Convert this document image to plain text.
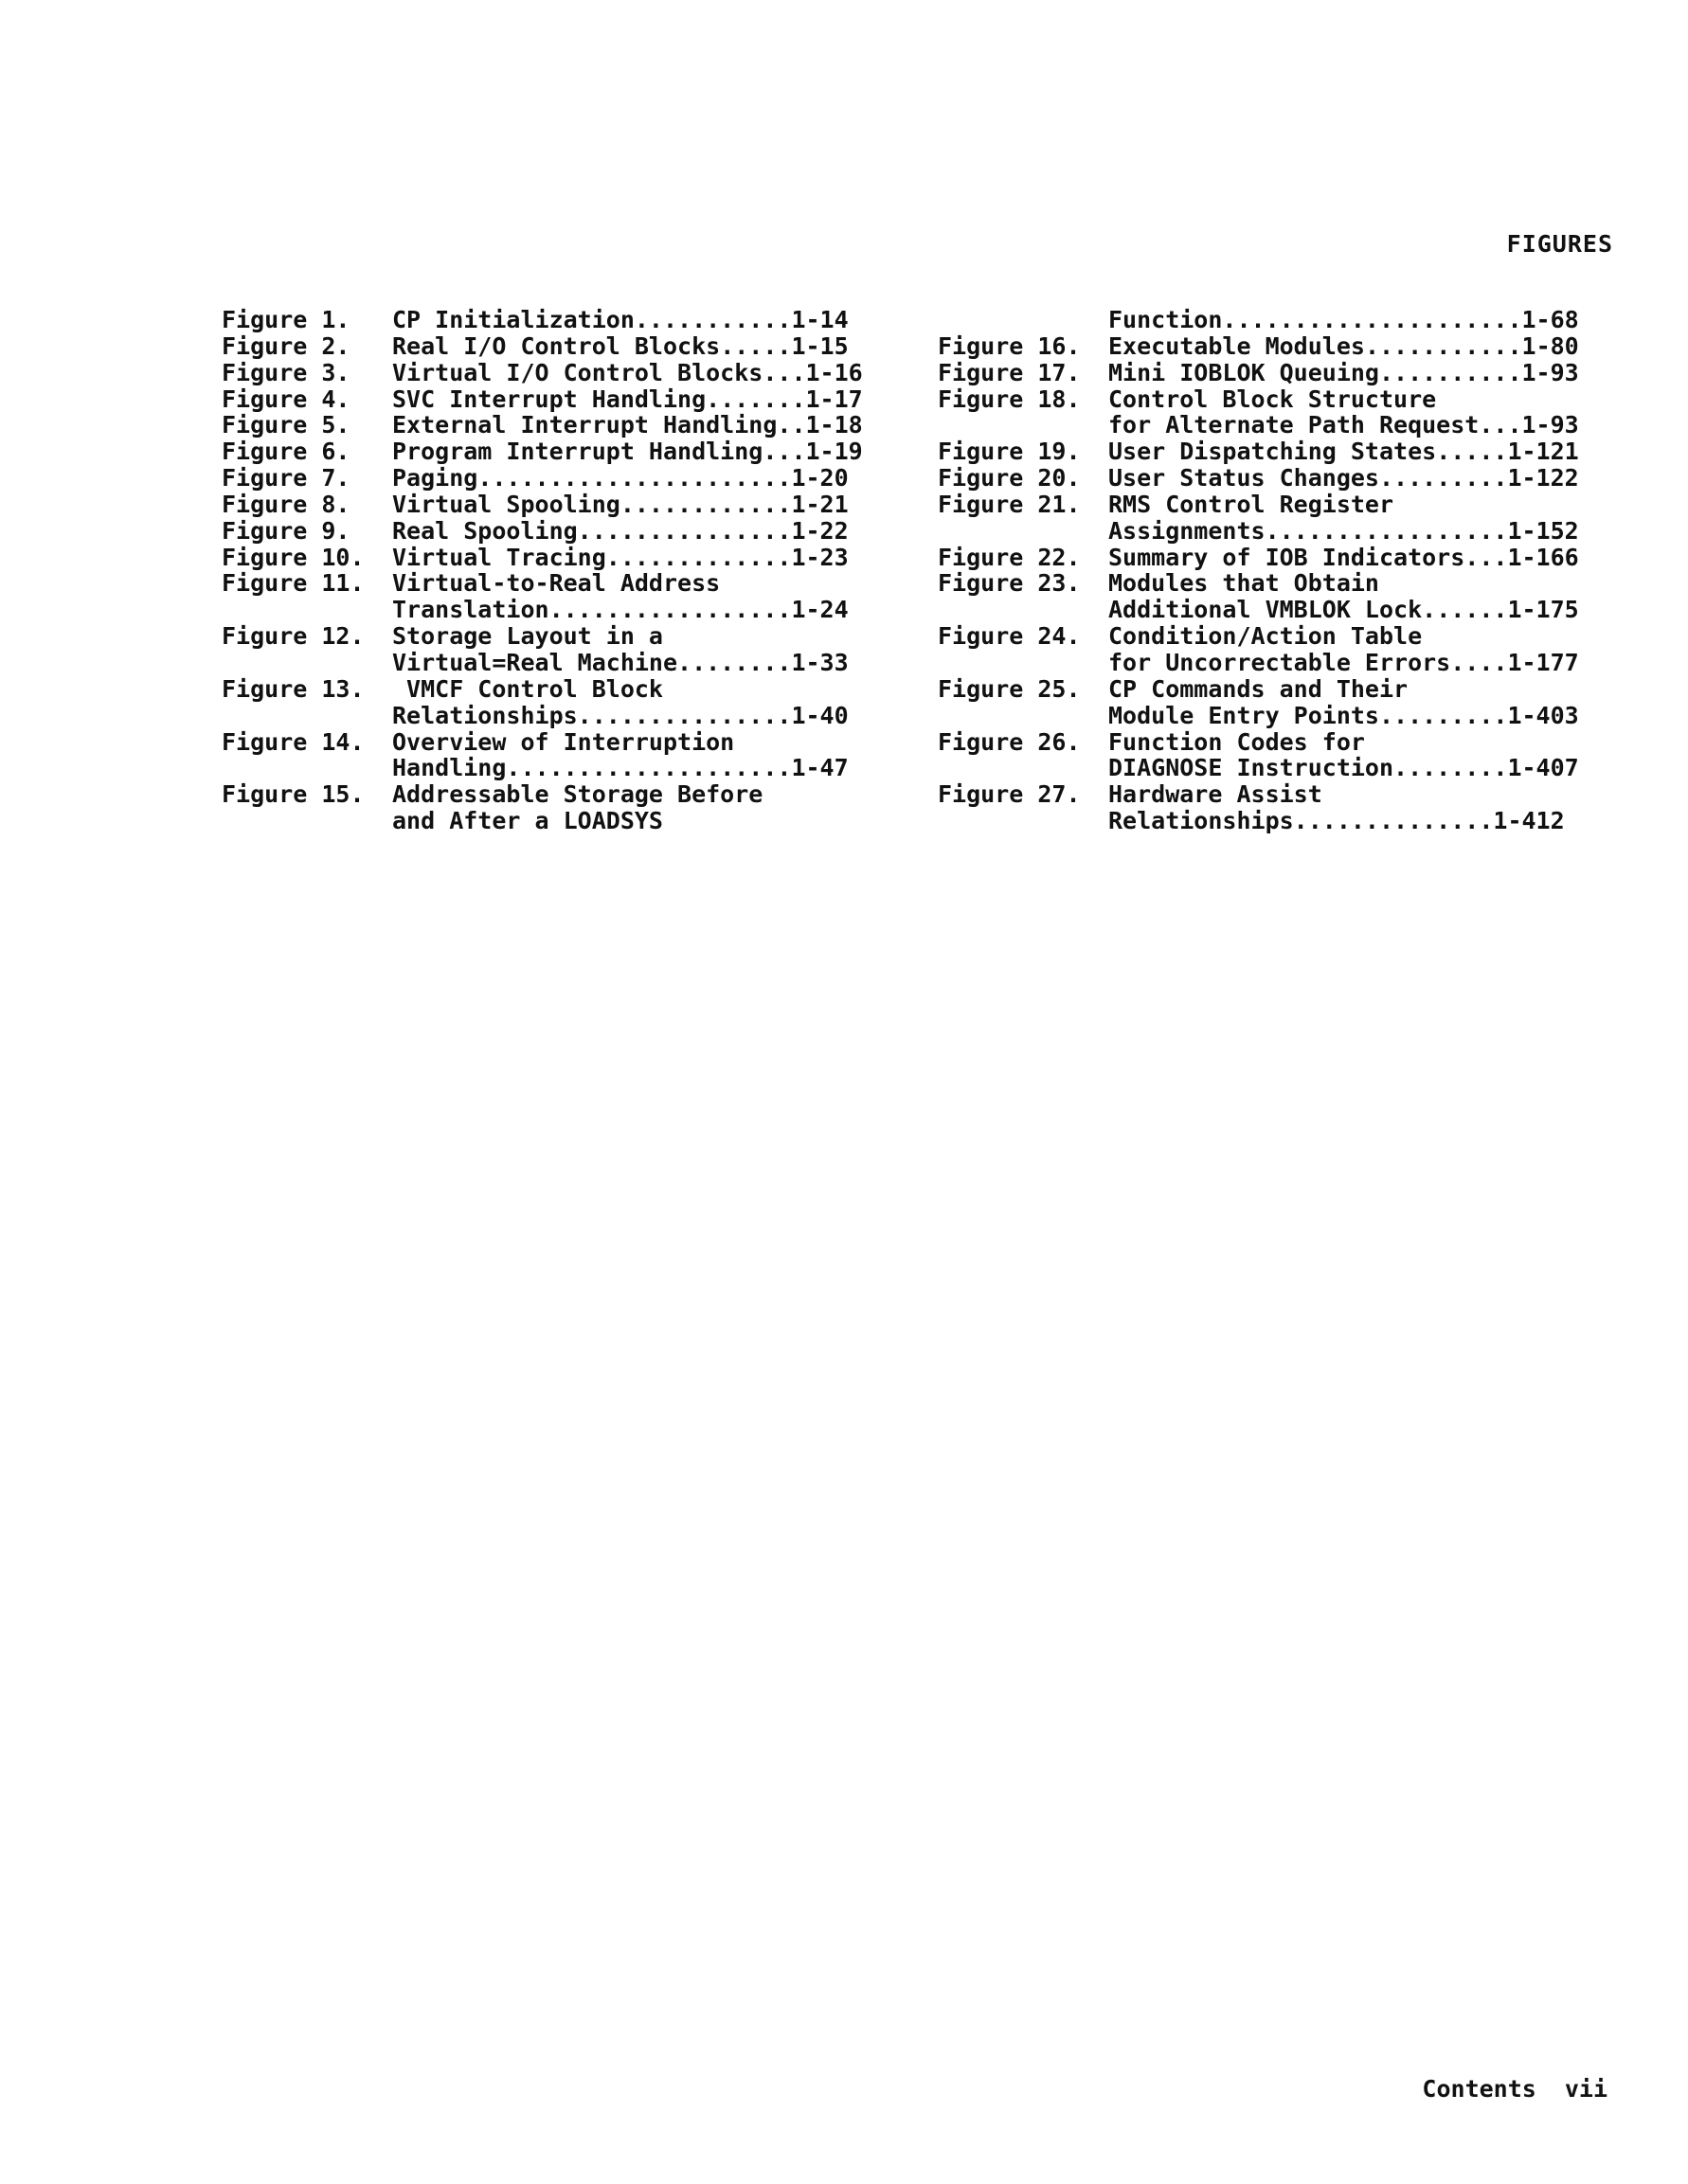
FIGURES
Figure 1. CP Initialization...........1-14
Figure 2. Real I/O Control Blocks.....1-15
Figure 3. Virtual I/O Control Blocks...1-16
Figure 4. SVC Interrupt Handling.......1-17
Figure 5. External Interrupt Handling..1-18
Figure 6. Program Interrupt Handling...1-19
Figure 7. Paging......................1-20
Figure 8. Virtual Spooling............1-21
Figure 9. Real Spooling...............1-22
Figure 10. Virtual Tracing.............1-23
Figure 11. Virtual-to-Real Address
Translation.................1-24
Figure 12. Storage Layout in a
Virtual=Real Machine........1-33
Figure 13. VMCF Control Block
Relationships...............1-40
Figure 14. Overview of Interruption
Handling....................1-47
Figure 15. Addressable Storage Before
and After a LOADSYS
Function.....................1-68
Figure 16. Executable Modules...........1-80
Figure 17. Mini IOBLOK Queuing..........1-93
Figure 18. Control Block Structure
for Alternate Path Request...1-93
Figure 19. User Dispatching States.....1-121
Figure 20. User Status Changes.........1-122
Figure 21. RMS Control Register
Assignments.................1-152
Figure 22. Summary of IOB Indicators...1-166
Figure 23. Modules that Obtain
Additional VMBLOK Lock......1-175
Figure 24. Condition/Action Table
for Uncorrectable Errors....1-177
Figure 25. CP Commands and Their
Module Entry Points.........1-403
Figure 26. Function Codes for
DIAGNOSE Instruction........1-407
Figure 27. Hardware Assist
Relationships..............1-412
Contents vii
